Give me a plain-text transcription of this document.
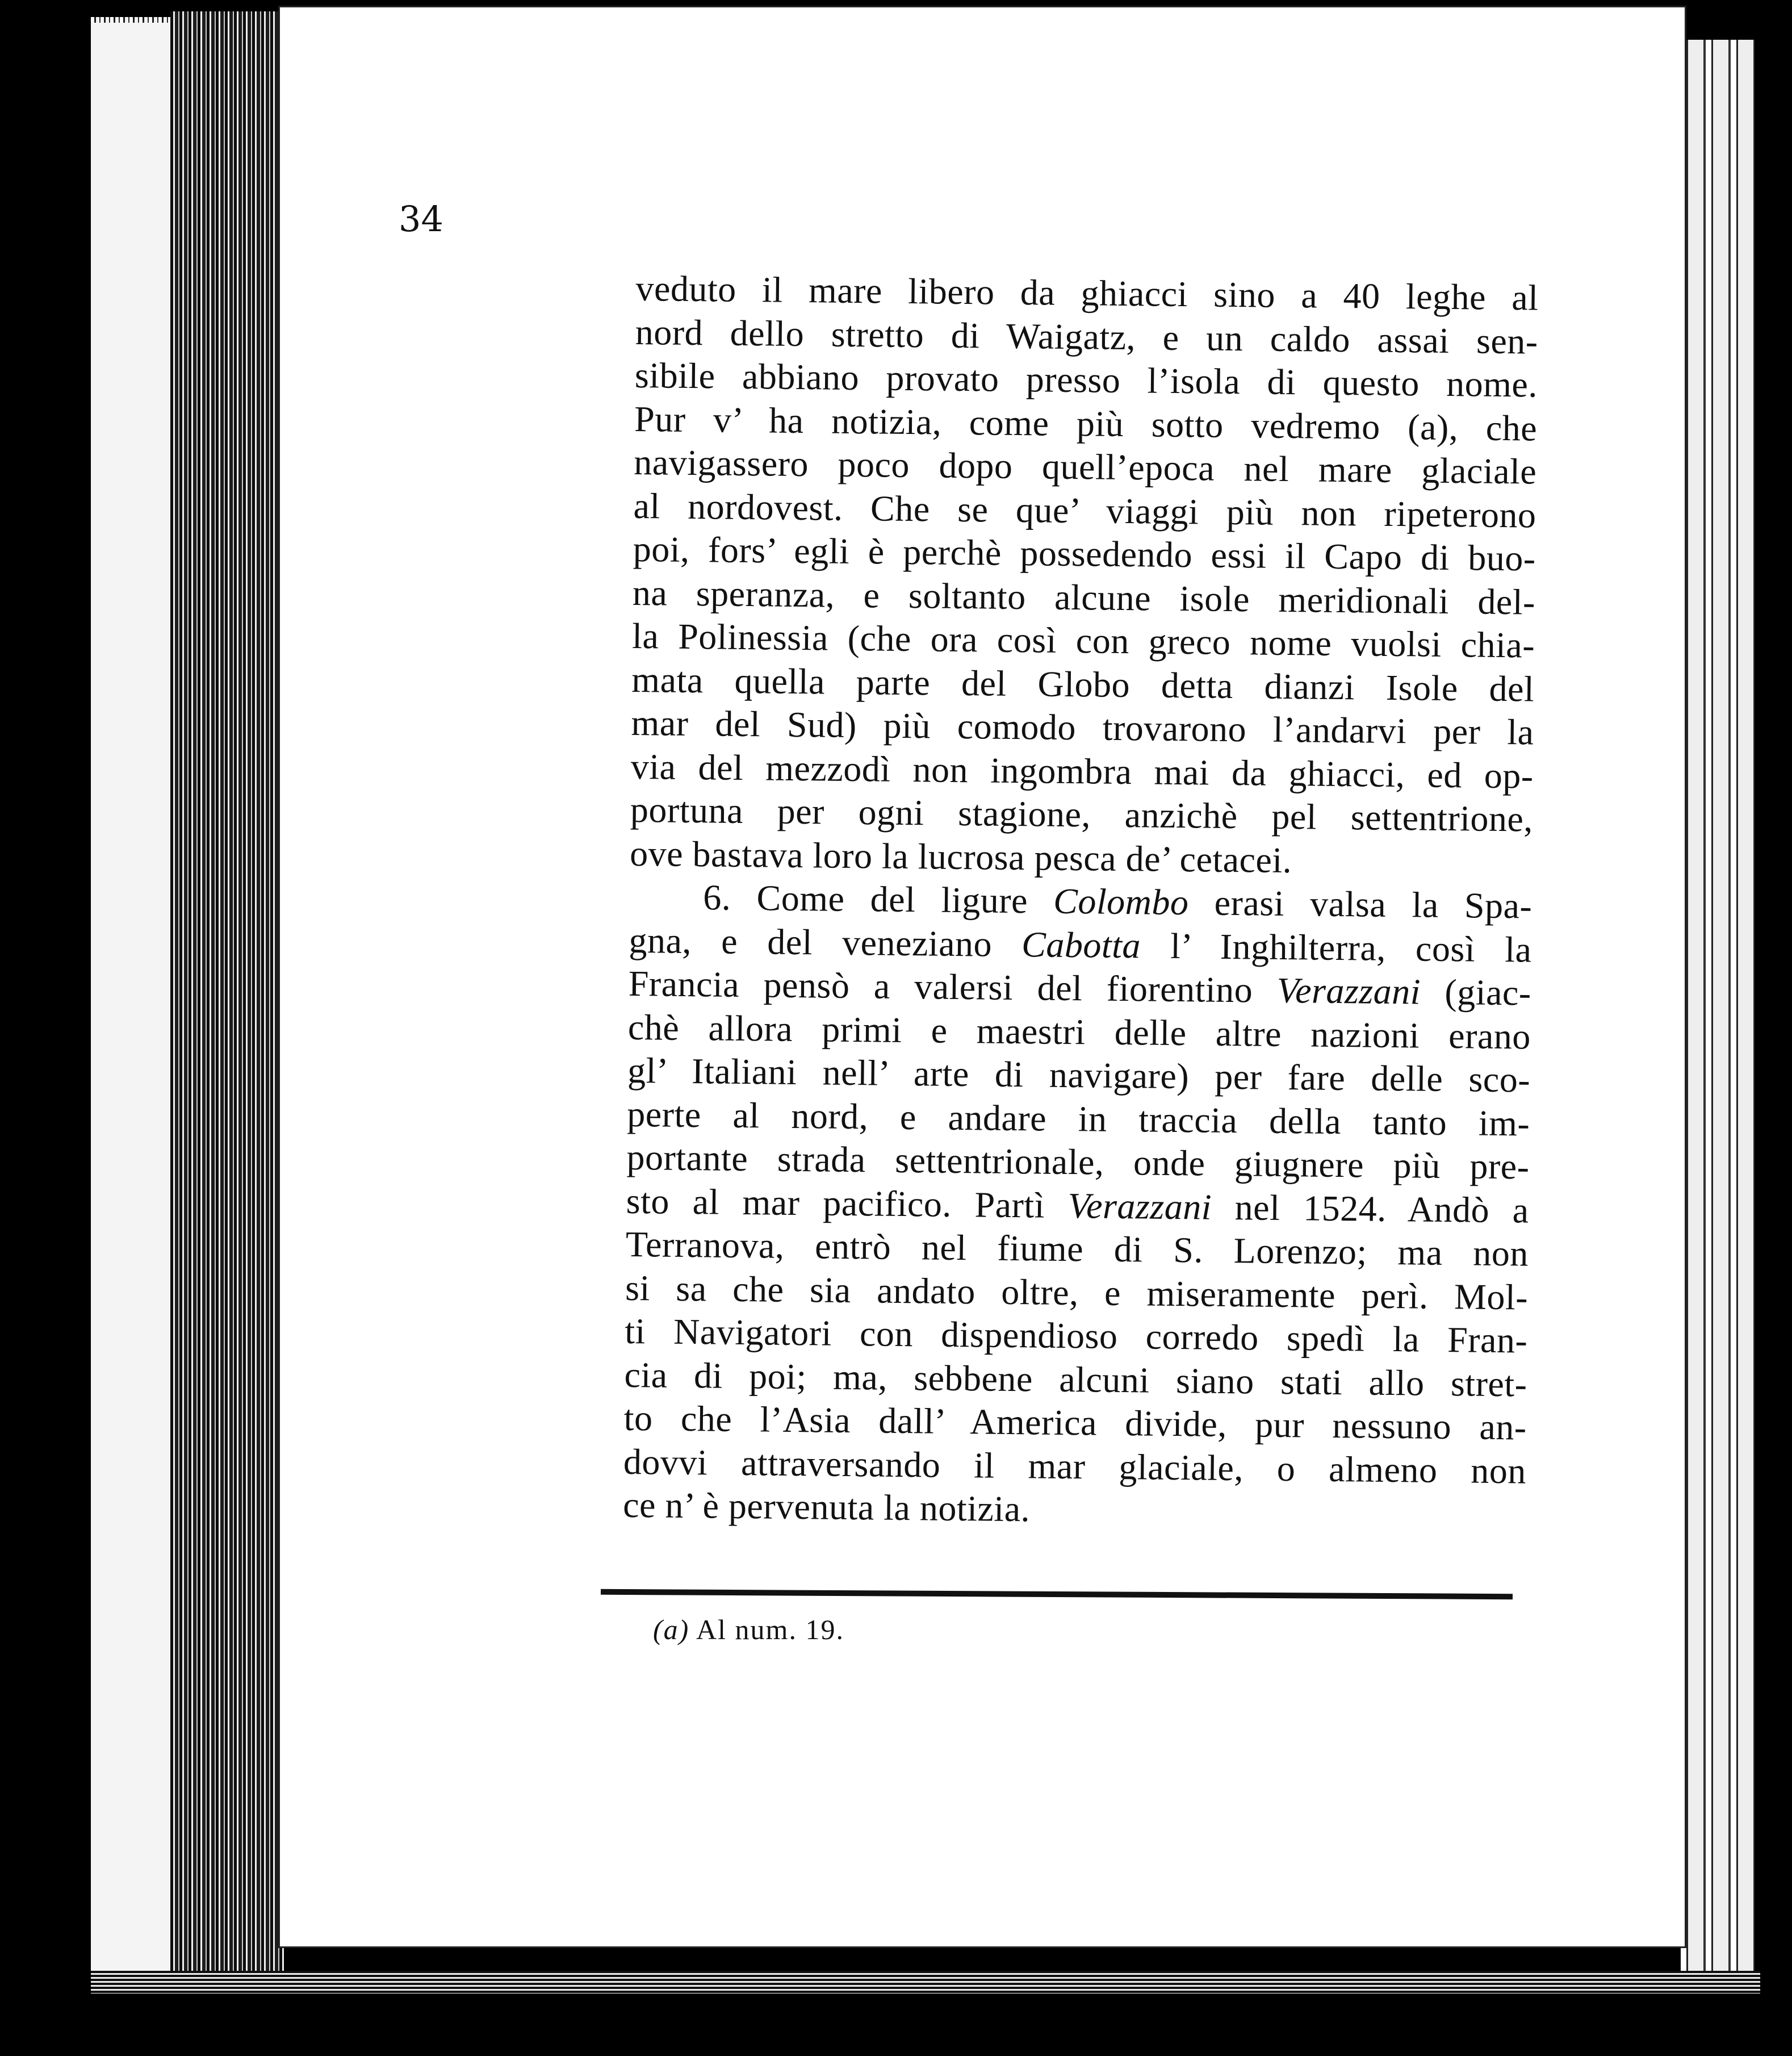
34
veduto il mare libero da ghiacci sino a 40 leghe al
nord dello stretto di Waigatz, e un caldo assai sen-
sibile abbiano provato presso l’isola di questo nome.
Pur v’ ha notizia, come più sotto vedremo (a), che
navigassero poco dopo quell’epoca nel mare glaciale
al nordovest. Che se que’ viaggi più non ripeterono
poi, fors’ egli è perchè possedendo essi il Capo di buo-
na speranza, e soltanto alcune isole meridionali del-
la Polinessia (che ora così con greco nome vuolsi chia-
mata quella parte del Globo detta dianzi Isole del
mar del Sud) più comodo trovarono l’andarvi per la
via del mezzodì non ingombra mai da ghiacci, ed op-
portuna per ogni stagione, anzichè pel settentrione,
ove bastava loro la lucrosa pesca de’ cetacei.
6. Come del ligure Colombo erasi valsa la Spa-
gna, e del veneziano Cabotta l’ Inghilterra, così la
Francia pensò a valersi del fiorentino Verazzani (giac-
chè allora primi e maestri delle altre nazioni erano
gl’ Italiani nell’ arte di navigare) per fare delle sco-
perte al nord, e andare in traccia della tanto im-
portante strada settentrionale, onde giugnere più pre-
sto al mar pacifico. Partì Verazzani nel 1524. Andò a
Terranova, entrò nel fiume di S. Lorenzo; ma non
si sa che sia andato oltre, e miseramente perì. Mol-
ti Navigatori con dispendioso corredo spedì la Fran-
cia di poi; ma, sebbene alcuni siano stati allo stret-
to che l’Asia dall’ America divide, pur nessuno an-
dovvi attraversando il mar glaciale, o almeno non
ce n’ è pervenuta la notizia.
(a) Al num. 19.
